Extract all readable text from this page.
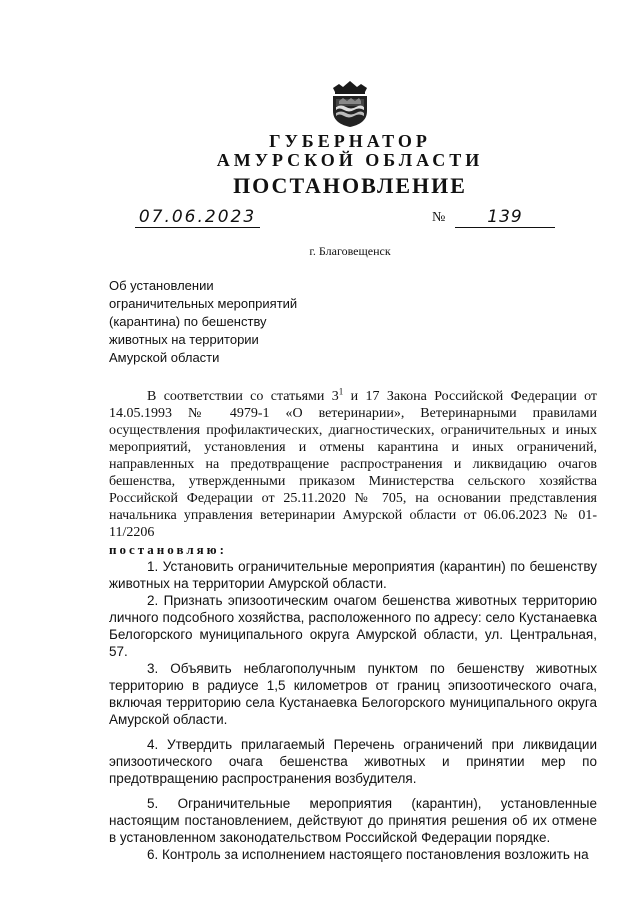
ГУБЕРНАТОР
АМУРСКОЙ ОБЛАСТИ
ПОСТАНОВЛЕНИЕ
07.06.2023	№	139
г. Благовещенск
Об установлении
ограничительных мероприятий
(карантина) по бешенству
животных на территории
Амурской области

В соответствии со статьями $3^1$ и 17 Закона Российской Федерации от 14.05.1993 № 4979-1 «О ветеринарии», Ветеринарными правилами осуществления профилактических, диагностических, ограничительных и иных мероприятий, установления и отмены карантина и иных ограничений, направленных на предотвращение распространения и ликвидацию очагов бешенства, утвержденными приказом Министерства сельского хозяйства Российской Федерации от 25.11.2020 № 705, на основании представления начальника управления ветеринарии Амурской области от 06.06.2023 № 01-11/2206

постановляю:

1. Установить ограничительные мероприятия (карантин) по бешенству животных на территории Амурской области.

2. Признать эпизоотическим очагом бешенства животных территорию личного подсобного хозяйства, расположенного по адресу: село Кустанаевка Белогорского муниципального округа Амурской области, ул. Центральная, 57.

3. Объявить неблагополучным пунктом по бешенству животных территорию в радиусе 1,5 километров от границ эпизоотического очага, включая территорию села Кустанаевка Белогорского муниципального округа Амурской области.

4. Утвердить прилагаемый Перечень ограничений при ликвидации эпизоотического очага бешенства животных и принятии мер по предотвращению распространения возбудителя.

5. Ограничительные мероприятия (карантин), установленные настоящим постановлением, действуют до принятия решения об их отмене в установленном законодательством Российской Федерации порядке.

6. Контроль за исполнением настоящего постановления возложить на
